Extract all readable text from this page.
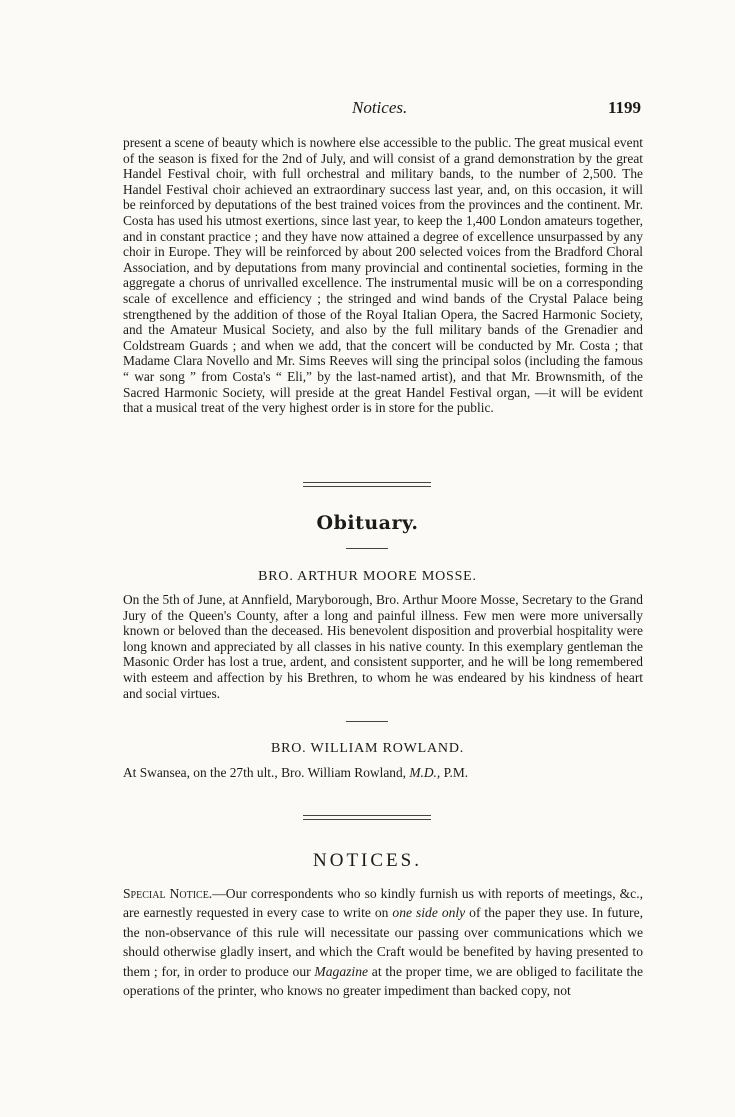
Notices.	1199

present a scene of beauty which is nowhere else accessible to the public. The great musical event of the season is fixed for the 2nd of July, and will consist of a grand demonstration by the great Handel Festival choir, with full orchestral and military bands, to the number of 2,500. The Handel Festival choir achieved an extraordinary success last year, and, on this occasion, it will be reinforced by deputations of the best trained voices from the provinces and the continent. Mr. Costa has used his utmost exertions, since last year, to keep the 1,400 London amateurs together, and in constant practice ; and they have now attained a degree of excellence unsurpassed by any choir in Europe. They will be reinforced by about 200 selected voices from the Bradford Choral Association, and by deputations from many provincial and continental societies, forming in the aggregate a chorus of unrivalled excellence. The instrumental music will be on a corresponding scale of excellence and efficiency ; the stringed and wind bands of the Crystal Palace being strengthened by the addition of those of the Royal Italian Opera, the Sacred Harmonic Society, and the Amateur Musical Society, and also by the full military bands of the Grenadier and Coldstream Guards ; and when we add, that the concert will be conducted by Mr. Costa ; that Madame Clara Novello and Mr. Sims Reeves will sing the principal solos (including the famous “ war song ” from Costa's “ Eli,” by the last-named artist), and that Mr. Brownsmith, of the Sacred Harmonic Society, will preside at the great Handel Festival organ, —it will be evident that a musical treat of the very highest order is in store for the public.

Obituary.
BRO. ARTHUR MOORE MOSSE.

On the 5th of June, at Annfield, Maryborough, Bro. Arthur Moore Mosse, Secretary to the Grand Jury of the Queen's County, after a long and painful illness. Few men were more universally known or beloved than the deceased. His benevolent disposition and proverbial hospitality were long known and appreciated by all classes in his native county. In this exemplary gentleman the Masonic Order has lost a true, ardent, and consistent supporter, and he will be long remembered with esteem and affection by his Brethren, to whom he was endeared by his kindness of heart and social virtues.

BRO. WILLIAM ROWLAND.

At Swansea, on the 27th ult., Bro. William Rowland, M.D., P.M.

NOTICES.

Special Notice.—Our correspondents who so kindly furnish us with reports of meetings, &c., are earnestly requested in every case to write on one side only of the paper they use. In future, the non-observance of this rule will necessitate our passing over communications which we should otherwise gladly insert, and which the Craft would be benefited by having presented to them ; for, in order to produce our Magazine at the proper time, we are obliged to facilitate the operations of the printer, who knows no greater impediment than backed copy, not
